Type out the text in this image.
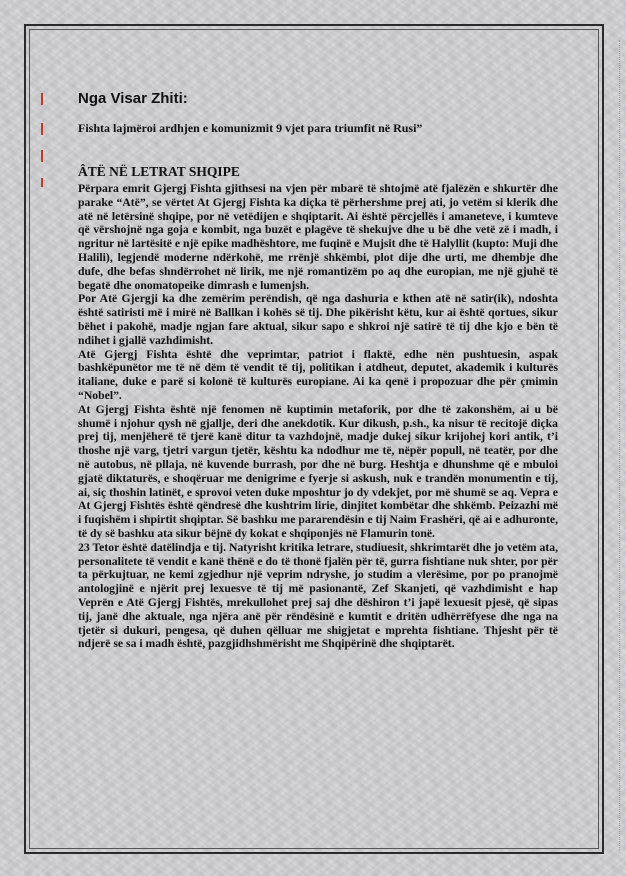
Nga Visar Zhiti:
Fishta lajmëroi ardhjen e komunizmit 9 vjet para triumfit në Rusi”
ÂTË NË LETRAT SHQIPE

Përpara emrit Gjergj Fishta gjithsesi na vjen për mbarë të shtojmë atë fjalëzën e shkurtër dhe parake “Atë”, se vërtet At Gjergj Fishta ka diçka të përhershme prej ati, jo vetëm si klerik dhe atë në letërsinë shqipe, por në vetëdijen e shqiptarit. Ai është përcjellës i amaneteve, i kumteve që vërshojnë nga goja e kombit, nga buzët e plagëve të shekujve dhe u bë dhe vetë zë i madh, i ngritur në lartësitë e një epike madhështore, me fuqinë e Mujsit dhe të Halyllit (kupto: Muji dhe Halili), legjendë moderne ndërkohë, me rrënjë shkëmbi, plot dije dhe urti, me dhembje dhe dufe, dhe befas shndërrohet në lirik, me një romantizëm po aq dhe europian, me një gjuhë të begatë dhe onomatopeike dimrash e lumenjsh.

Por Atë Gjergji ka dhe zemërim perëndish, që nga dashuria e kthen atë në satir(ik), ndoshta është satiristi më i mirë në Ballkan i kohës së tij. Dhe pikërisht këtu, kur ai është qortues, sikur bëhet i pakohë, madje ngjan fare aktual, sikur sapo e shkroi një satirë të tij dhe kjo e bën të ndihet i gjallë vazhdimisht.

Atë Gjergj Fishta është dhe veprimtar, patriot i flaktë, edhe nën pushtuesin, aspak bashkëpunëtor me të në dëm të vendit të tij, politikan i atdheut, deputet, akademik i kulturës italiane, duke e parë si kolonë të kulturës europiane. Ai ka qenë i propozuar dhe për çmimin “Nobel”.

At Gjergj Fishta është një fenomen në kuptimin metaforik, por dhe të zakonshëm, ai u bë shumë i njohur qysh në gjallje, deri dhe anekdotik. Kur dikush, p.sh., ka nisur të recitojë diçka prej tij, menjëherë të tjerë kanë ditur ta vazhdojnë, madje dukej sikur krijohej kori antik, t’i thoshe një varg, tjetri vargun tjetër, kështu ka ndodhur me të, nëpër popull, në teatër, por dhe në autobus, në pllaja, në kuvende burrash, por dhe në burg. Heshtja e dhunshme që e mbuloi gjatë diktaturës, e shoqëruar me denigrime e fyerje si askush, nuk e trandën monumentin e tij, ai, siç thoshin latinët, e sprovoi veten duke mposhtur jo dy vdekjet, por më shumë se aq. Vepra e At Gjergj Fishtës është qëndresë dhe kushtrim lirie, dinjitet kombëtar dhe shkëmb. Peizazhi më i fuqishëm i shpirtit shqiptar. Së bashku me pararendësin e tij Naim Frashëri, që ai e adhuronte, të dy së bashku ata sikur bëjnë dy kokat e shqiponjës në Flamurin tonë.

23 Tetor është datëlindja e tij. Natyrisht kritika letrare, studiuesit, shkrimtarët dhe jo vetëm ata, personalitete të vendit e kanë thënë e do të thonë fjalën për të, gurra fishtiane nuk shter, por për ta përkujtuar, ne kemi zgjedhur një veprim ndryshe, jo studim a vlerësime, por po pranojmë antologjinë e njërit prej lexuesve të tij më pasionantë, Zef Skanjeti, që vazhdimisht e hap Veprën e Atë Gjergj Fishtës, mrekullohet prej saj dhe dëshiron t’i japë lexuesit pjesë, që sipas tij, janë dhe aktuale, nga njëra anë për rëndësinë e kumtit e dritën udhërrëfyese dhe nga na tjetër si dukuri, pengesa, që duhen qëlluar me shigjetat e mprehta fishtiane. Thjesht për të ndjerë se sa i madh është, pazgjidhshmërisht me Shqipërinë dhe shqiptarët.
